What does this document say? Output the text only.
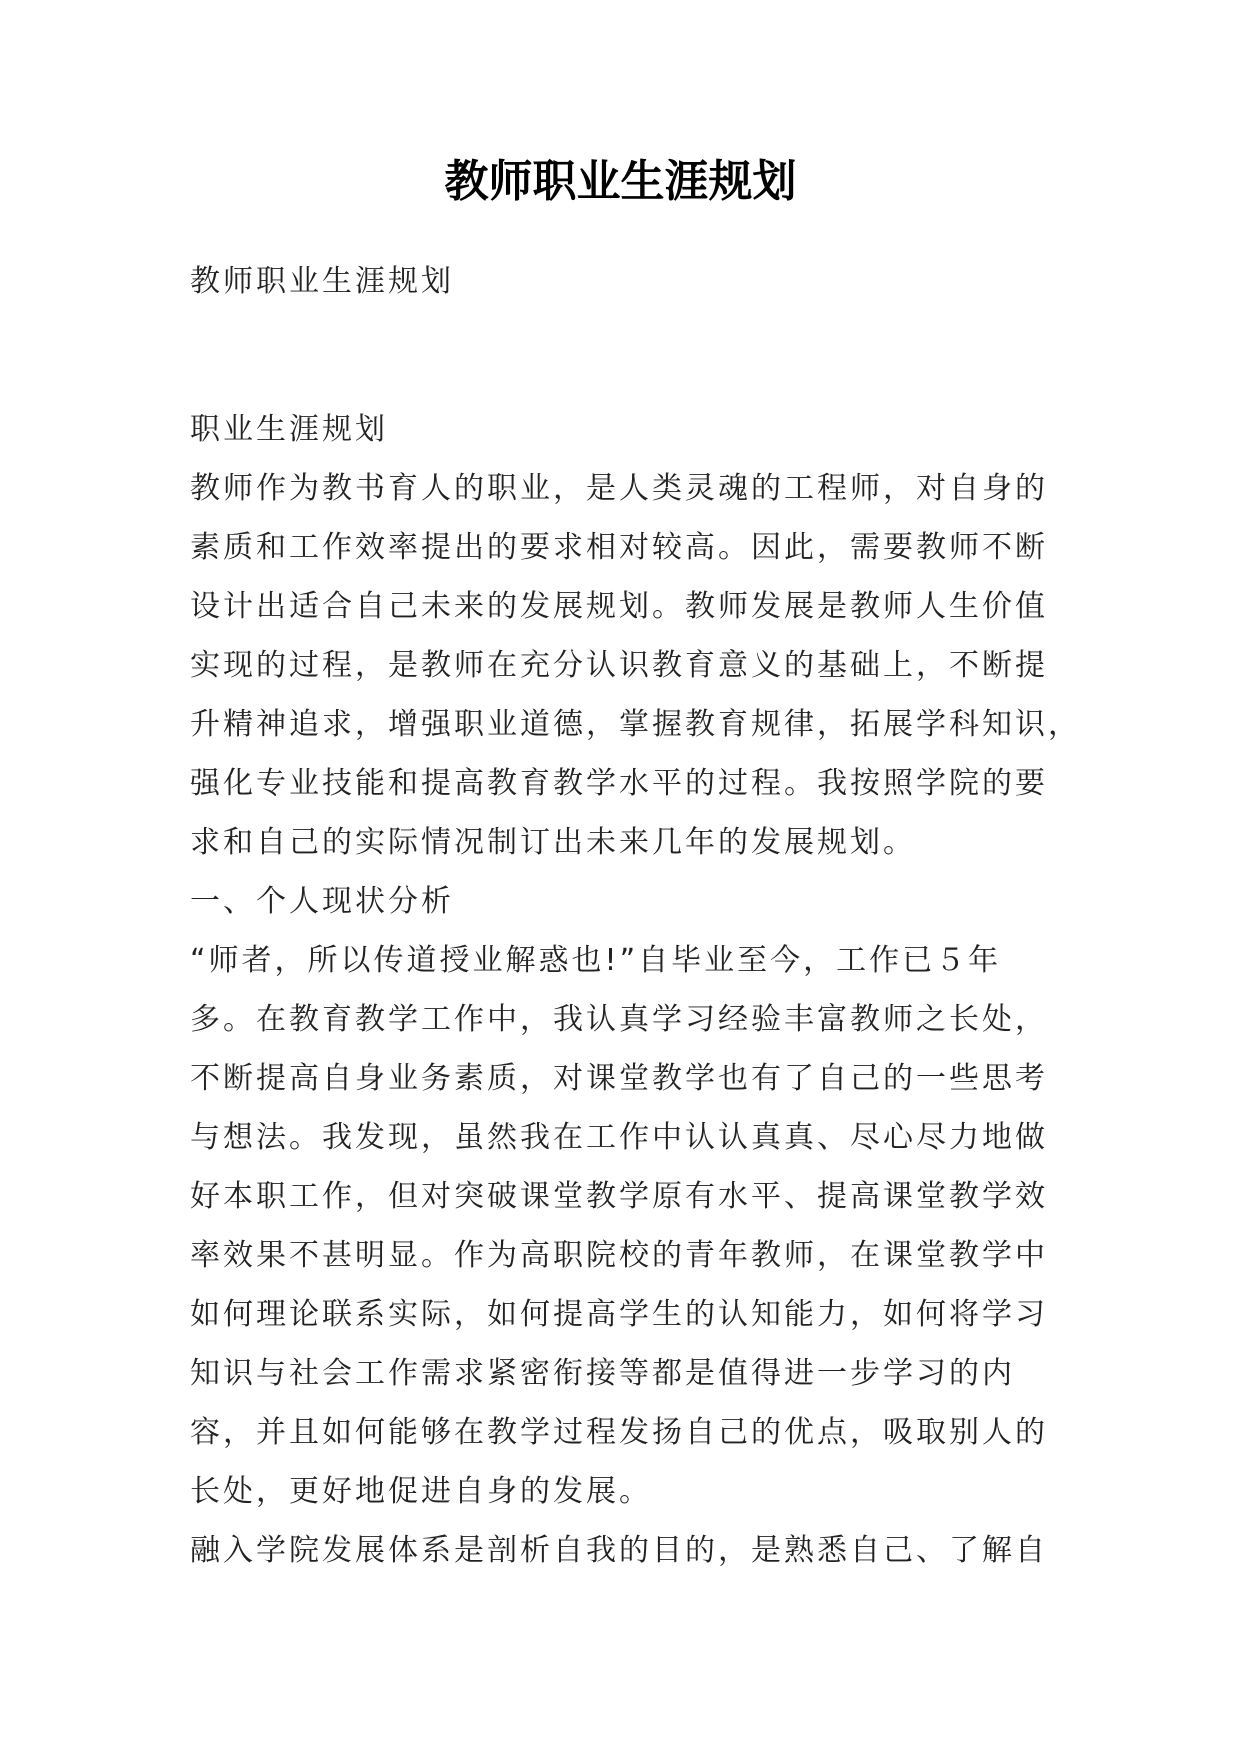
教师职业生涯规划
教师职业生涯规划
职业生涯规划
教师作为教书育人的职业，是人类灵魂的工程师，对自身的
素质和工作效率提出的要求相对较高。因此，需要教师不断
设计出适合自己未来的发展规划。教师发展是教师人生价值
实现的过程，是教师在充分认识教育意义的基础上，不断提
升精神追求，增强职业道德，掌握教育规律，拓展学科知识，
强化专业技能和提高教育教学水平的过程。我按照学院的要
求和自己的实际情况制订出未来几年的发展规划。
一、个人现状分析
“师者，所以传道授业解惑也!”自毕业至今，工作已５年
多。在教育教学工作中，我认真学习经验丰富教师之长处，
不断提高自身业务素质，对课堂教学也有了自己的一些思考
与想法。我发现，虽然我在工作中认认真真、尽心尽力地做
好本职工作，但对突破课堂教学原有水平、提高课堂教学效
率效果不甚明显。作为高职院校的青年教师，在课堂教学中
如何理论联系实际，如何提高学生的认知能力，如何将学习
知识与社会工作需求紧密衔接等都是值得进一步学习的内
容，并且如何能够在教学过程发扬自己的优点，吸取别人的
长处，更好地促进自身的发展。
融入学院发展体系是剖析自我的目的，是熟悉自己、了解自
